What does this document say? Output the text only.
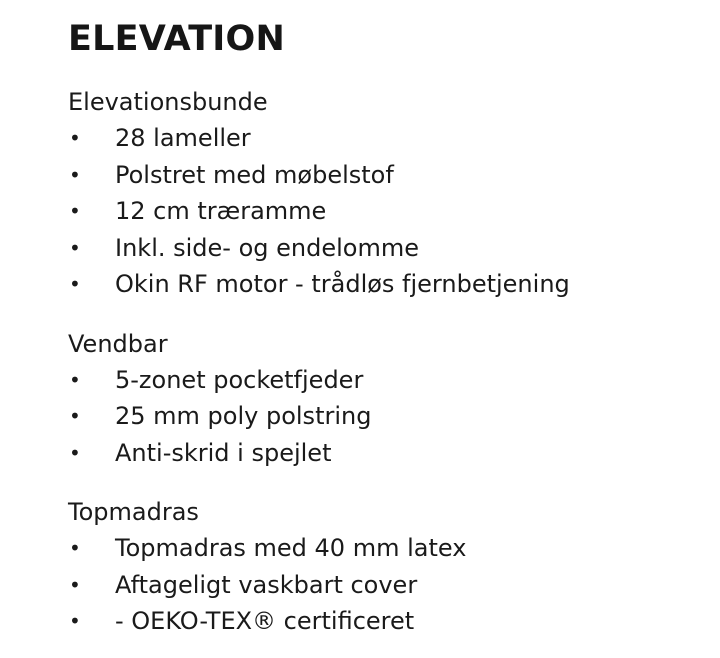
ELEVATION

Elevationsbunde

• 28 lameller
• Polstret med møbelstof
• 12 cm træramme
• Inkl. side- og endelomme
• Okin RF motor - trådløs fjernbetjening

Vendbar

• 5-zonet pocketfjeder
• 25 mm poly polstring
• Anti-skrid i spejlet

Topmadras

• Topmadras med 40 mm latex
• Aftageligt vaskbart cover
• - OEKO-TEX® certificeret
